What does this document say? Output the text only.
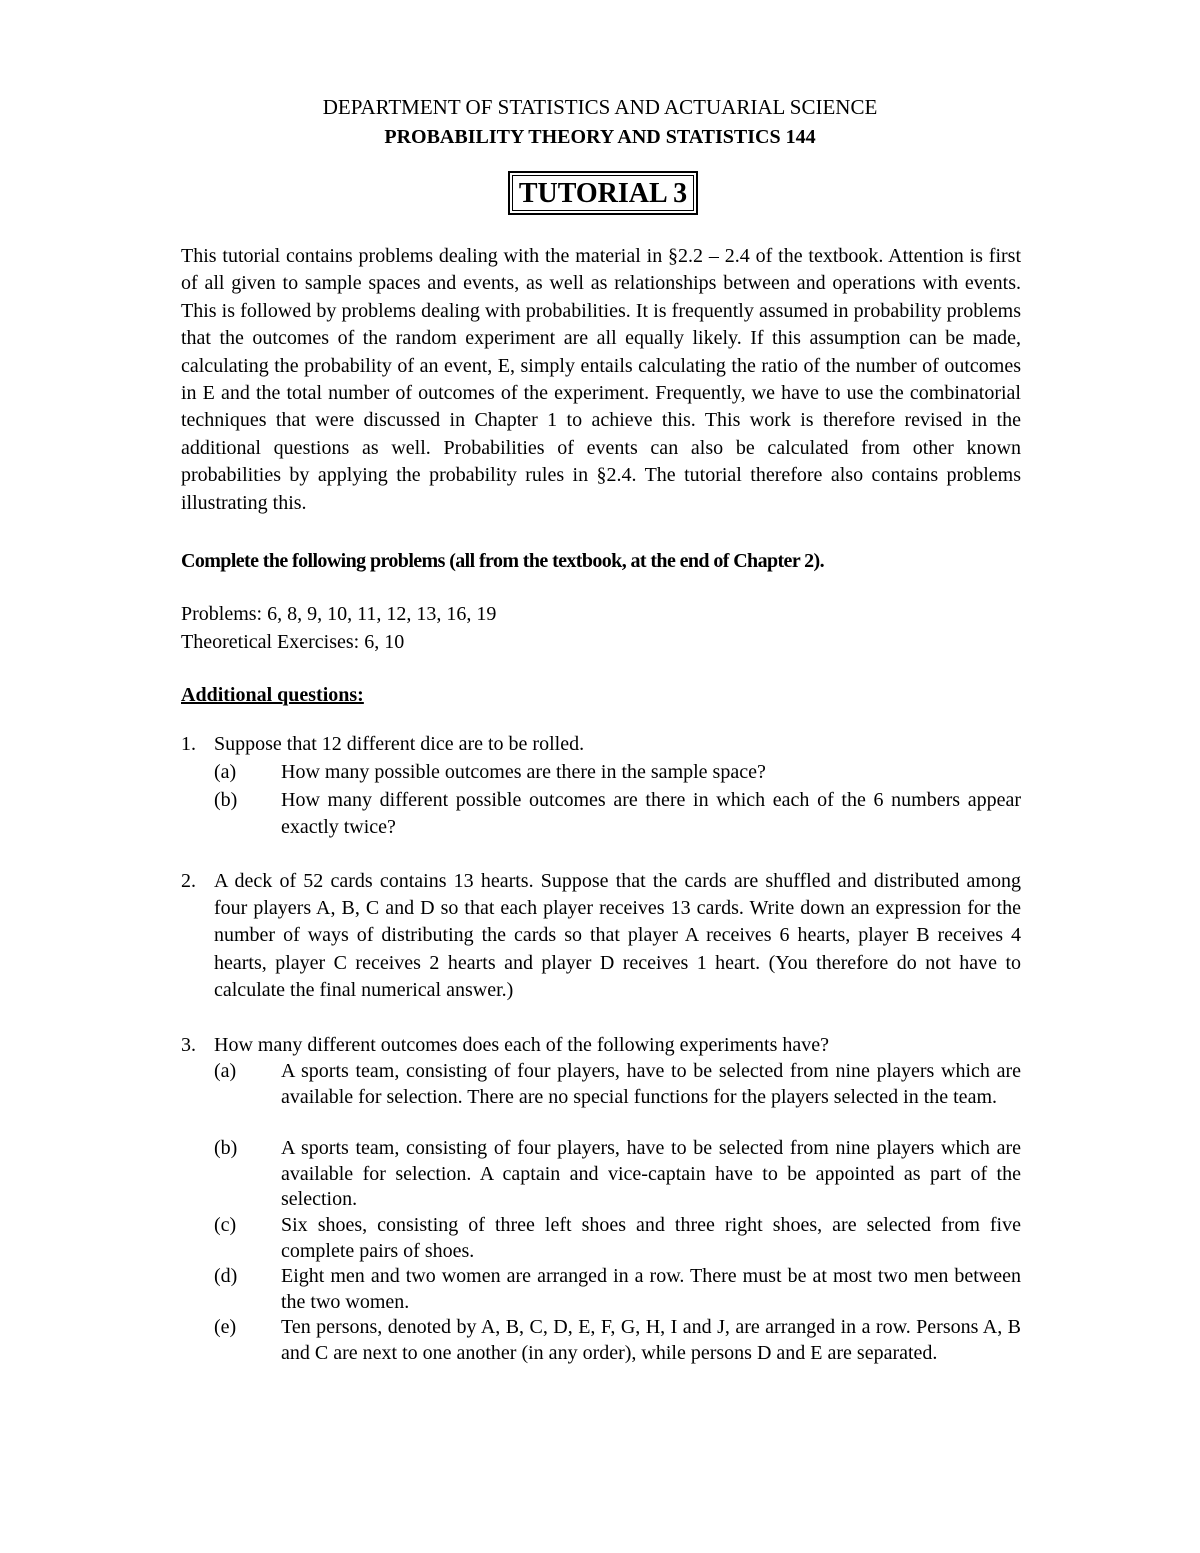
DEPARTMENT OF STATISTICS AND ACTUARIAL SCIENCE
PROBABILITY THEORY AND STATISTICS 144
TUTORIAL 3
This tutorial contains problems dealing with the material in §2.2 – 2.4 of the textbook. Attention is first of all given to sample spaces and events, as well as relationships between and operations with events. This is followed by problems dealing with probabilities. It is frequently assumed in probability problems that the outcomes of the random experiment are all equally likely. If this assumption can be made, calculating the probability of an event, E, simply entails calculating the ratio of the number of outcomes in E and the total number of outcomes of the experiment. Frequently, we have to use the combinatorial techniques that were discussed in Chapter 1 to achieve this. This work is therefore revised in the additional questions as well. Probabilities of events can also be calculated from other known probabilities by applying the probability rules in §2.4. The tutorial therefore also contains problems illustrating this.
Complete the following problems (all from the textbook, at the end of Chapter 2).
Problems: 6, 8, 9, 10, 11, 12, 13, 16, 19
Theoretical Exercises: 6, 10
Additional questions:
1. Suppose that 12 different dice are to be rolled.
(a) How many possible outcomes are there in the sample space?
(b) How many different possible outcomes are there in which each of the 6 numbers appear exactly twice?
2. A deck of 52 cards contains 13 hearts. Suppose that the cards are shuffled and distributed among four players A, B, C and D so that each player receives 13 cards. Write down an expression for the number of ways of distributing the cards so that player A receives 6 hearts, player B receives 4 hearts, player C receives 2 hearts and player D receives 1 heart. (You therefore do not have to calculate the final numerical answer.)
3. How many different outcomes does each of the following experiments have?
(a) A sports team, consisting of four players, have to be selected from nine players which are available for selection. There are no special functions for the players selected in the team.
(b) A sports team, consisting of four players, have to be selected from nine players which are available for selection. A captain and vice-captain have to be appointed as part of the selection.
(c) Six shoes, consisting of three left shoes and three right shoes, are selected from five complete pairs of shoes.
(d) Eight men and two women are arranged in a row. There must be at most two men between the two women.
(e) Ten persons, denoted by A, B, C, D, E, F, G, H, I and J, are arranged in a row. Persons A, B and C are next to one another (in any order), while persons D and E are separated.
